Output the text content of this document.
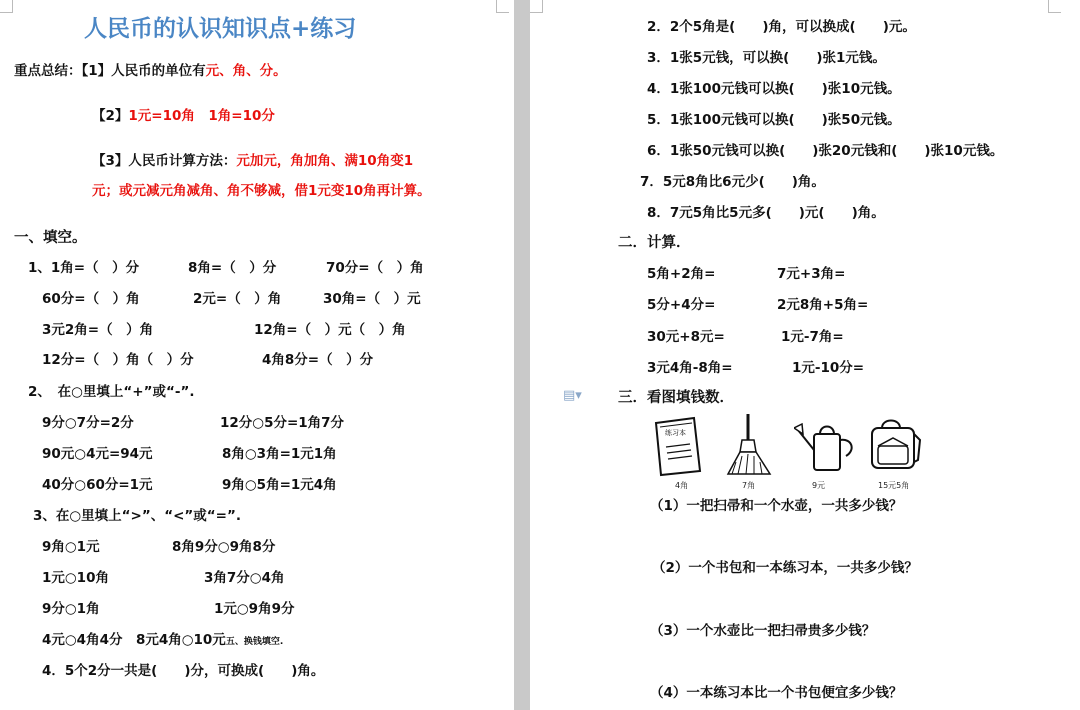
人民币的认识知识点+练习
重点总结：【1】人民币的单位有元、角、分。
【2】1元=10角　1角=10分
【3】人民币计算方法：元加元，角加角、满10角变1
元；或元减元角减角、角不够减，借1元变10角再计算。
一、填空。
1、1角=（　）分	8角=（　）分	70分=（　）角
60分=（　）角	2元=（　）角	30角=（　）元
3元2角=（　）角	12角=（　）元（　）角
12分=（　）角（　）分	4角8分=（　）分
2、　在○里填上“+”或“-”.
9分○7分=2分	12分○5分=1角7分
90元○4元=94元	8角○3角=1元1角
40分○60分=1元	9角○5角=1元4角
3、在○里填上“>”、“<”或“=”.
9角○1元	8角9分○9角8分
1元○10角	3角7分○4角
9分○1角	1元○9角9分
4元○4角4分　8元4角○10元五、换钱填空.
4．5个2分一共是(　　)分，可换成(　　)角。
2．2个5角是(　　)角，可以换成(　　)元。
3．1张5元钱，可以换(　　)张1元钱。
4．1张100元钱可以换(　　)张10元钱。
5．1张100元钱可以换(　　)张50元钱。
6．1张50元钱可以换(　　)张20元钱和(　　)张10元钱。
7．5元8角比6元少(　　)角。
8．7元5角比5元多(　　)元(　　)角。
二．计算．
5角+2角=	7元+3角=
5分+4分=	2元8角+5角=
30元+8元=	1元-7角=
3元4角-8角=	1元-10分=
三．看图填钱数．
练习本
4角	7角	9元	15元5角
（1）一把扫帚和一个水壶，一共多少钱？
（2）一个书包和一本练习本，一共多少钱？
（3）一个水壶比一把扫帚贵多少钱？
（4）一本练习本比一个书包便宜多少钱？
▤▾
